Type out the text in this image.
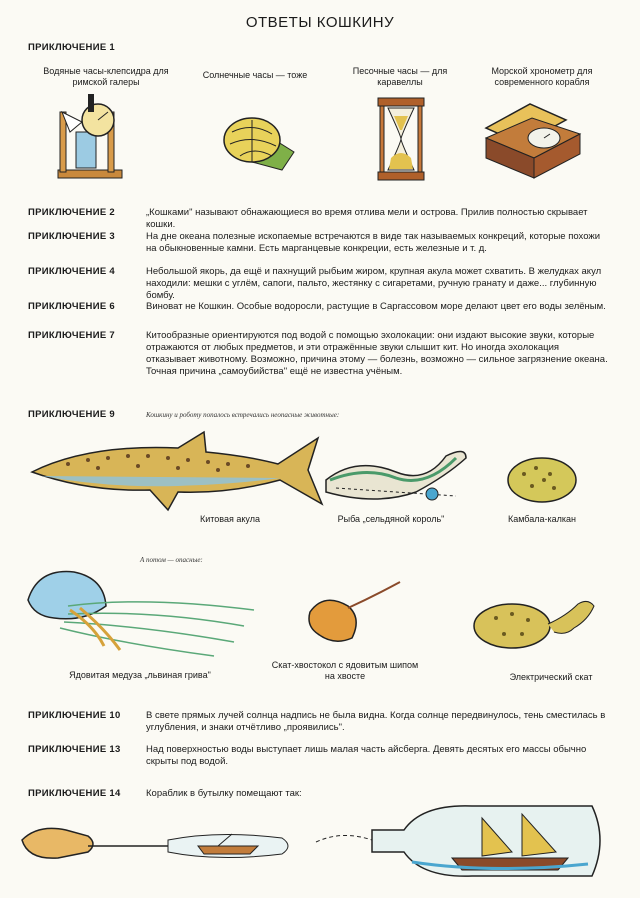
ОТВЕТЫ КОШКИНУ
ПРИКЛЮЧЕНИЕ 1
Водяные часы-клепсидра для римской галеры
Солнечные часы — тоже	Песочные часы — для каравеллы
Морской хронометр для современного корабля
ПРИКЛЮЧЕНИЕ 2	„Кошками" называют обнажающиеся во время отлива мели и острова. Прилив полностью скрывает кошки.
ПРИКЛЮЧЕНИЕ 3	На дне океана полезные ископаемые встречаются в виде так называемых конкреций, которые похожи на обыкновенные камни. Есть марганцевые конкреции, есть железные и т. д.
ПРИКЛЮЧЕНИЕ 4	Небольшой якорь, да ещё и пахнущий рыбьим жиром, крупная акула может схватить. В желудках акул находили: мешки с углём, сапоги, пальто, жестянку с сигаретами, ручную гранату и даже... глубинную бомбу.
ПРИКЛЮЧЕНИЕ 6	Виноват не Кошкин. Особые водоросли, растущие в Саргассовом море делают цвет его воды зелёным.
ПРИКЛЮЧЕНИЕ 7	Китообразные ориентируются под водой с помощью эхолокации: они издают высокие звуки, которые отражаются от любых предметов, и эти отражённые звуки слышит кит. Но иногда эхолокация отказывает животному. Возможно, причина этому — болезнь, возможно — сильное загрязнение океана. Точная причина „самоубийства" ещё не известна учёным.
ПРИКЛЮЧЕНИЕ 9	Кошкину и роботу попалось встречались неопасные животные:
Китовая акула	Рыба „сельдяной король"	Камбала-калкан
А потом — опасные:
Ядовитая медуза „львиная грива"
Скат-хвостокол с ядовитым шипом на хвосте	Электрический скат
ПРИКЛЮЧЕНИЕ 10	В свете прямых лучей солнца надпись не была видна. Когда солнце передвинулось, тень сместилась в углубления, и знаки отчётливо „проявились".
ПРИКЛЮЧЕНИЕ 13	Над поверхностью воды выступает лишь малая часть айсберга. Девять десятых его массы обычно скрыты под водой.
ПРИКЛЮЧЕНИЕ 14	Кораблик в бутылку помещают так:
